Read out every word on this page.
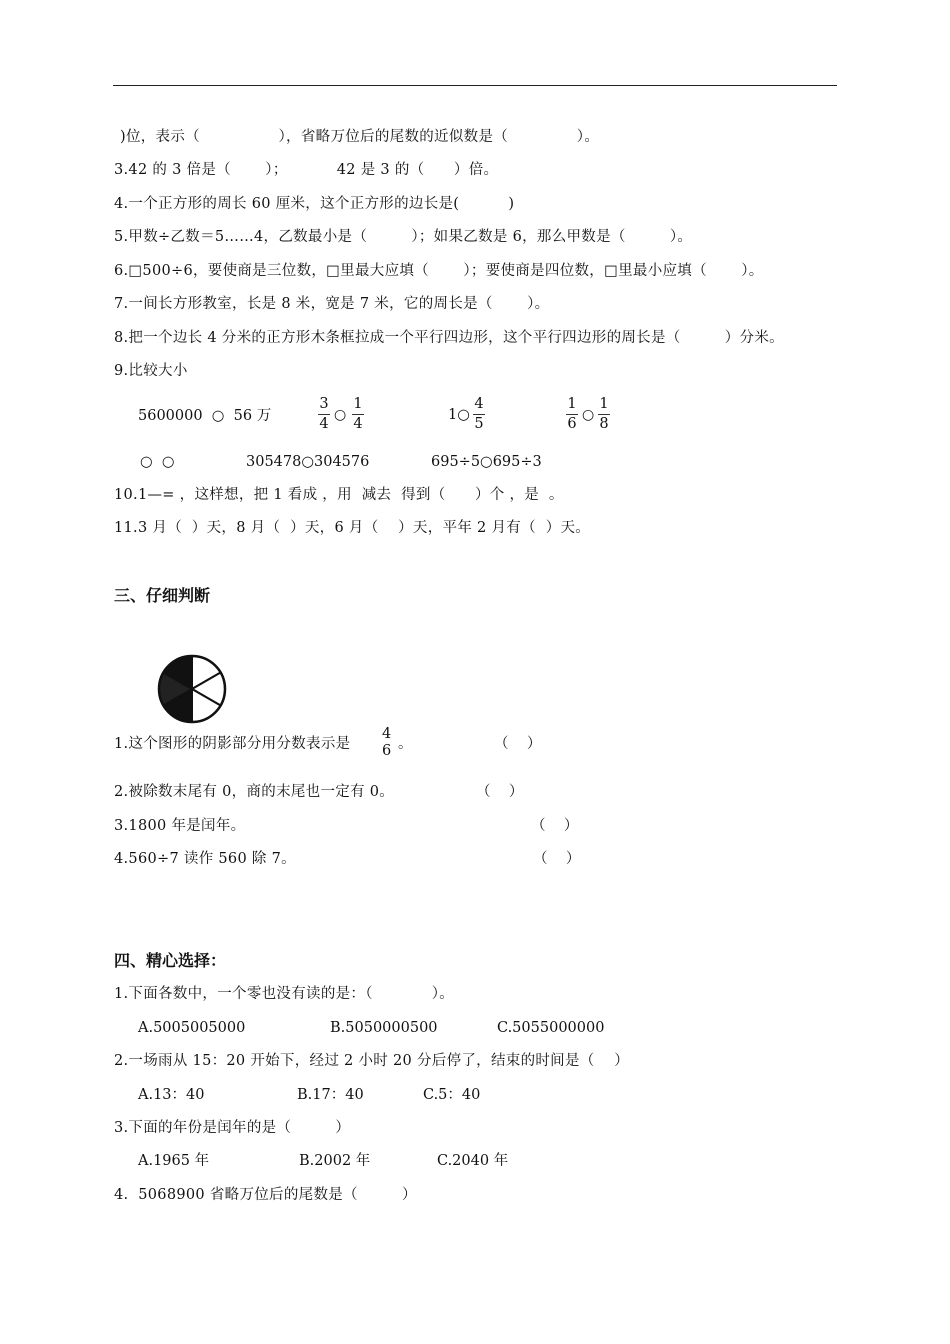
)位，表示（                ），省略万位后的尾数的近似数是（              ）。
3.42 的 3 倍是（       ）；          42 是 3 的（      ）倍。
4.一个正方形的周长 60 厘米，这个正方形的边长是(          )
5.甲数÷乙数＝5……4，乙数最小是（         ）；如果乙数是 6，那么甲数是（         ）。
6.□500÷6，要使商是三位数，□里最大应填（       ）；要使商是四位数，□里最小应填（       ）。
7.一间长方形教室，长是 8 米，宽是 7 米，它的周长是（       ）。
8.把一个边长 4 分米的正方形木条框拉成一个平行四边形，这个平行四边形的周长是（         ）分米。
9.比较大小
5600000  ○  56 万
3
4
○
1
4
1○
4
5
1
6
○
1
8
○  ○	305478○304576	695÷5○695÷3
10.1—= ，这样想，把 1 看成 ，用  减去  得到（      ）个 ，是  。
11.3 月（  ）天，8 月（  ）天，6 月（    ）天，平年 2 月有（  ）天。
三、仔细判断
1.这个图形的阴影部分用分数表示是
4
6 。	（    ）
2.被除数末尾有 0，商的末尾也一定有 0。	（    ）
3.1800 年是闰年。	（    ）
4.560÷7 读作 560 除 7。	（    ）
四、精心选择：
1.下面各数中，一个零也没有读的是：（            ）。
A.5005005000	B.5050000500	C.5055000000
2.一场雨从 15：20 开始下，经过 2 小时 20 分后停了，结束的时间是（    ）
A.13：40	B.17：40	C.5：40
3.下面的年份是闰年的是（         ）
A.1965 年	B.2002 年	C.2040 年
4.  5068900 省略万位后的尾数是（         ）
